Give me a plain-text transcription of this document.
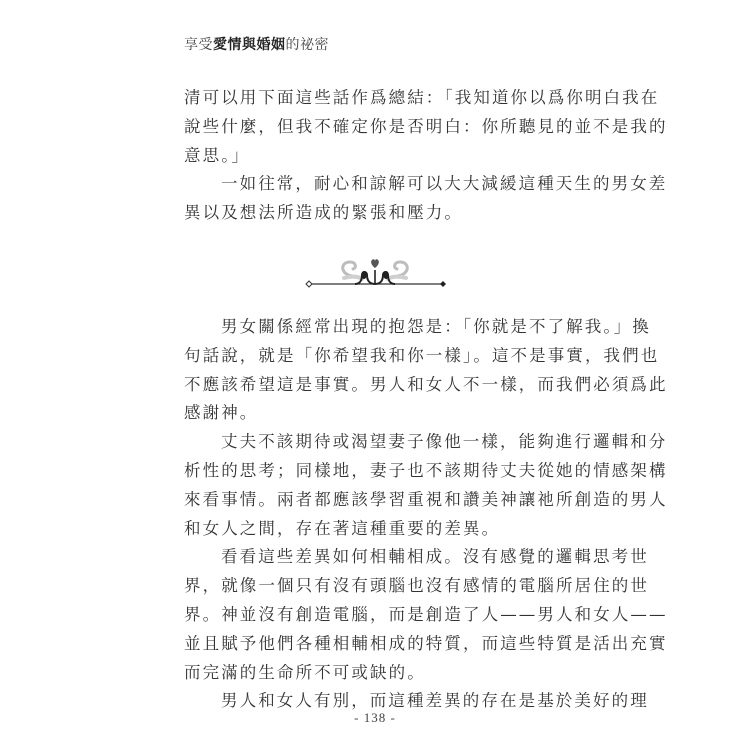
享受愛情與婚姻的祕密
清可以用下面這些話作爲總結：「我知道你以爲你明白我在
說些什麼，但我不確定你是否明白：你所聽見的並不是我的
意思。」
一如往常，耐心和諒解可以大大減緩這種天生的男女差
異以及想法所造成的緊張和壓力。
男女關係經常出現的抱怨是：「你就是不了解我。」換
句話說，就是「你希望我和你一樣」。這不是事實，我們也
不應該希望這是事實。男人和女人不一樣，而我們必須爲此
感謝神。
丈夫不該期待或渴望妻子像他一樣，能夠進行邏輯和分
析性的思考；同樣地，妻子也不該期待丈夫從她的情感架構
來看事情。兩者都應該學習重視和讚美神讓祂所創造的男人
和女人之間，存在著這種重要的差異。
看看這些差異如何相輔相成。沒有感覺的邏輯思考世
界，就像一個只有沒有頭腦也沒有感情的電腦所居住的世
界。神並沒有創造電腦，而是創造了人——男人和女人——
並且賦予他們各種相輔相成的特質，而這些特質是活出充實
而完滿的生命所不可或缺的。
男人和女人有別，而這種差異的存在是基於美好的理
- 138 -
